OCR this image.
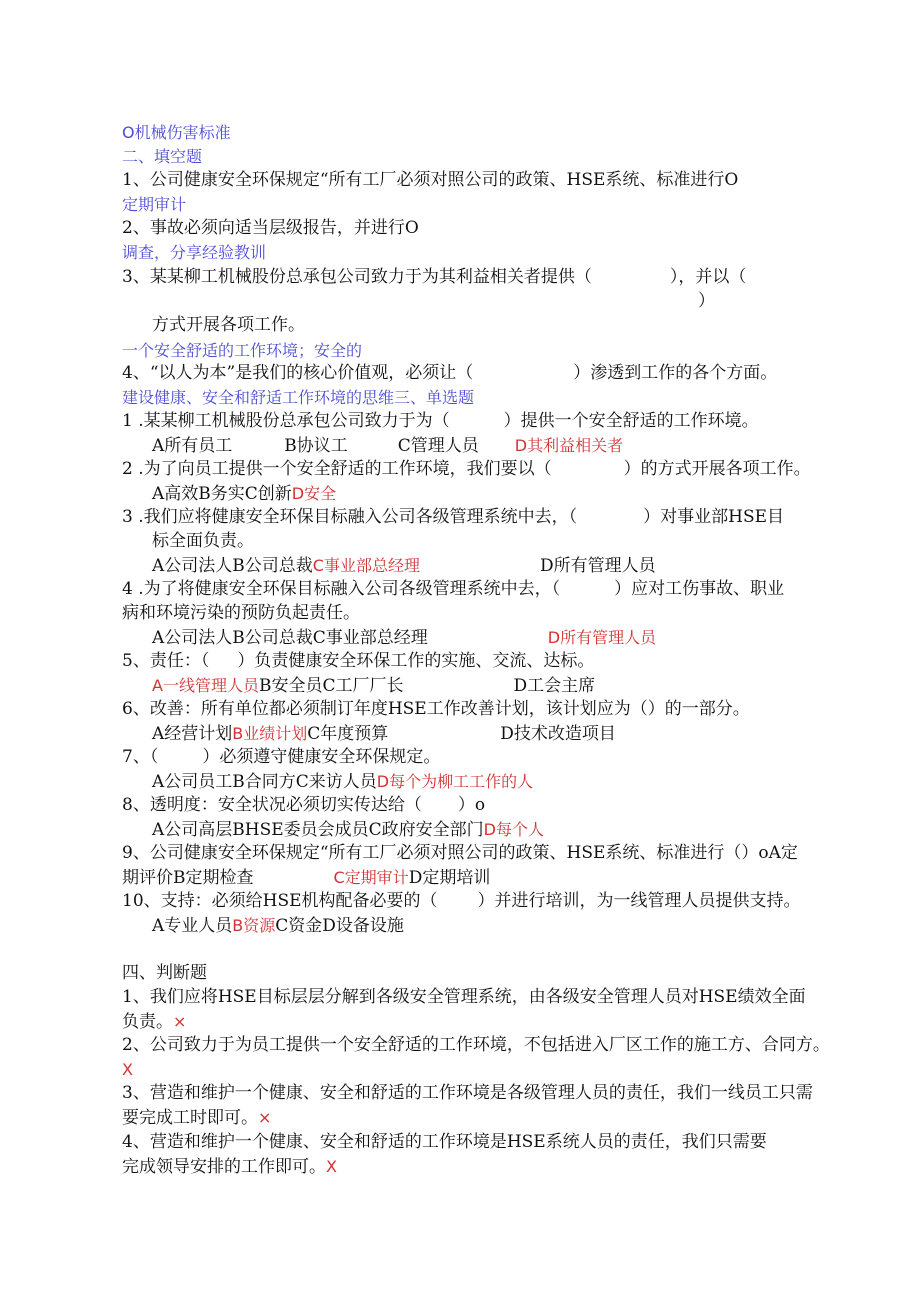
O机械伤害标准
二、填空题
1、公司健康安全环保规定“所有工厂必须对照公司的政策、HSE系统、标准进行O
定期审计
2、事故必须向适当层级报告，并进行O
调查，分享经验教训
3、某某柳工机械股份总承包公司致力于为其利益相关者提供（	），并以（
）
方式开展各项工作。
一个安全舒适的工作环境；安全的
4、“以人为本”是我们的核心价值观，必须让（	）渗透到工作的各个方面。
建设健康、安全和舒适工作环境的思维三、单选题
1 .某某柳工机械股份总承包公司致力于为（	）提供一个安全舒适的工作环境。
A所有员工	B协议工	C管理人员 D其利益相关者
2 .为了向员工提供一个安全舒适的工作环境，我们要以（	）的方式开展各项工作。
A高效B务实C创新D安全
3 .我们应将健康安全环保目标融入公司各级管理系统中去，（	）对事业部HSE目
标全面负责。
A公司法人B公司总裁C事业部总经理	D所有管理人员
4 .为了将健康安全环保目标融入公司各级管理系统中去，（	）应对工伤事故、职业
病和环境污染的预防负起责任。
A公司法人B公司总裁C事业部总经理	D所有管理人员
5、责任：（ ）负责健康安全环保工作的实施、交流、达标。
A一线管理人员B安全员C工厂厂长	D工会主席
6、改善：所有单位都必须制订年度HSE工作改善计划，该计划应为（）的一部分。
A经营计划B业绩计划C年度预算	D技术改造项目
7、（	）必须遵守健康安全环保规定。
A公司员工B合同方C来访人员D每个为柳工工作的人
8、透明度：安全状况必须切实传达给（ ）o
A公司高层BHSE委员会成员C政府安全部门D每个人
9、公司健康安全环保规定“所有工厂必须对照公司的政策、HSE系统、标准进行（）oA定
期评价B定期检查	C定期审计D定期培训
10、支持：必须给HSE机构配备必要的（ ）并进行培训，为一线管理人员提供支持。
A专业人员B资源C资金D设备设施
四、判断题
1、我们应将HSE目标层层分解到各级安全管理系统，由各级安全管理人员对HSE绩效全面
负责。×
2、公司致力于为员工提供一个安全舒适的工作环境，不包括进入厂区工作的施工方、合同方。
X
3、营造和维护一个健康、安全和舒适的工作环境是各级管理人员的责任，我们一线员工只需
要完成工时即可。×
4、营造和维护一个健康、安全和舒适的工作环境是HSE系统人员的责任，我们只需要
完成领导安排的工作即可。X
